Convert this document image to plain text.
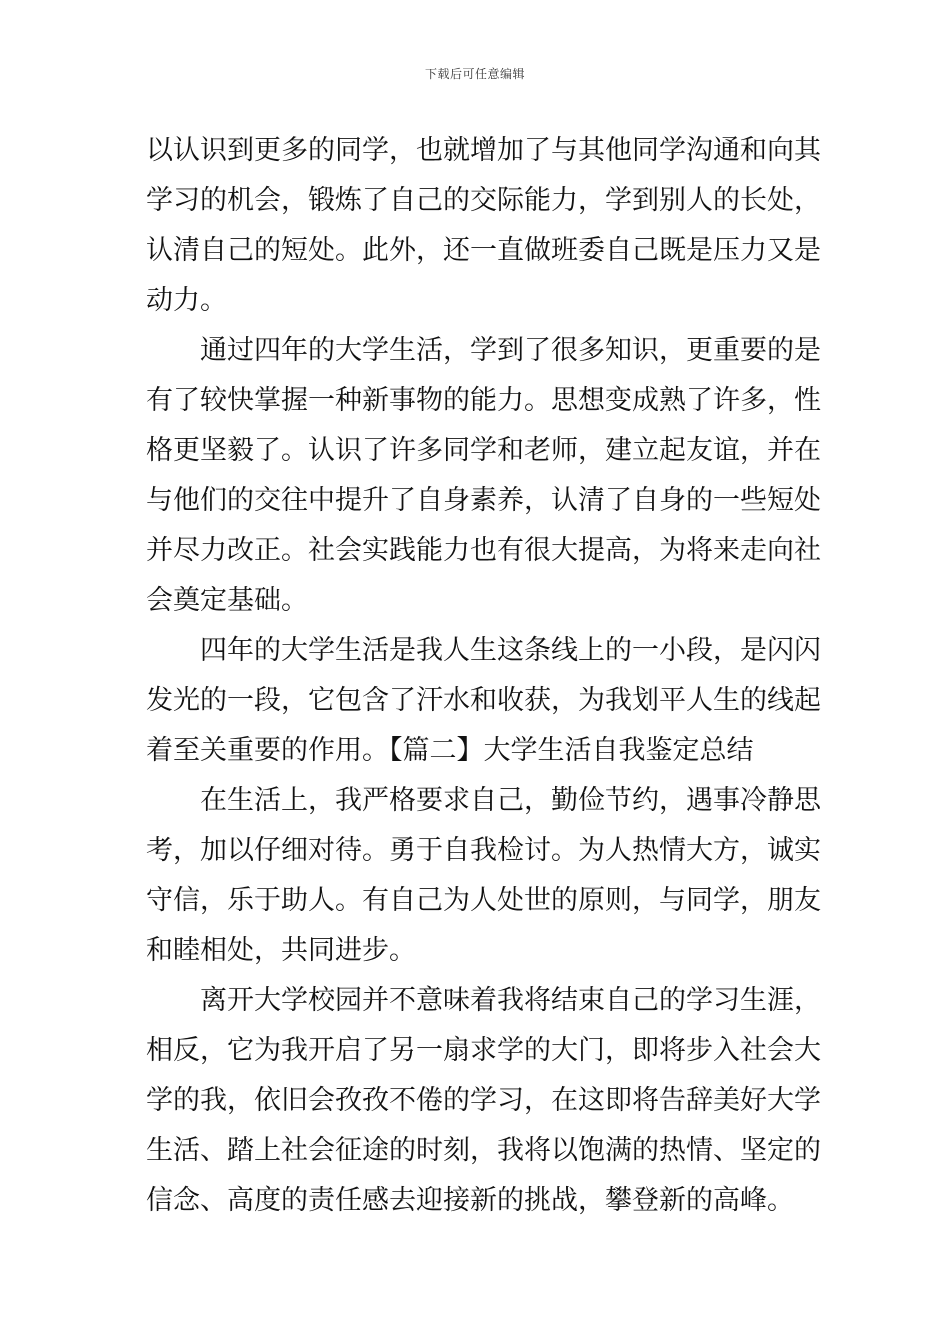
下载后可任意编辑
以认识到更多的同学，也就增加了与其他同学沟通和向其
学习的机会，锻炼了自己的交际能力，学到别人的长处，
认清自己的短处。此外，还一直做班委自己既是压力又是
动力。
通过四年的大学生活，学到了很多知识，更重要的是
有了较快掌握一种新事物的能力。思想变成熟了许多，性
格更坚毅了。认识了许多同学和老师，建立起友谊，并在
与他们的交往中提升了自身素养，认清了自身的一些短处
并尽力改正。社会实践能力也有很大提高，为将来走向社
会奠定基础。
四年的大学生活是我人生这条线上的一小段，是闪闪
发光的一段，它包含了汗水和收获，为我划平人生的线起
着至关重要的作用。【篇二】大学生活自我鉴定总结
在生活上，我严格要求自己，勤俭节约，遇事冷静思
考，加以仔细对待。勇于自我检讨。为人热情大方，诚实
守信，乐于助人。有自己为人处世的原则，与同学，朋友
和睦相处，共同进步。
离开大学校园并不意味着我将结束自己的学习生涯，
相反，它为我开启了另一扇求学的大门，即将步入社会大
学的我，依旧会孜孜不倦的学习，在这即将告辞美好大学
生活、踏上社会征途的时刻，我将以饱满的热情、坚定的
信念、高度的责任感去迎接新的挑战，攀登新的高峰。
